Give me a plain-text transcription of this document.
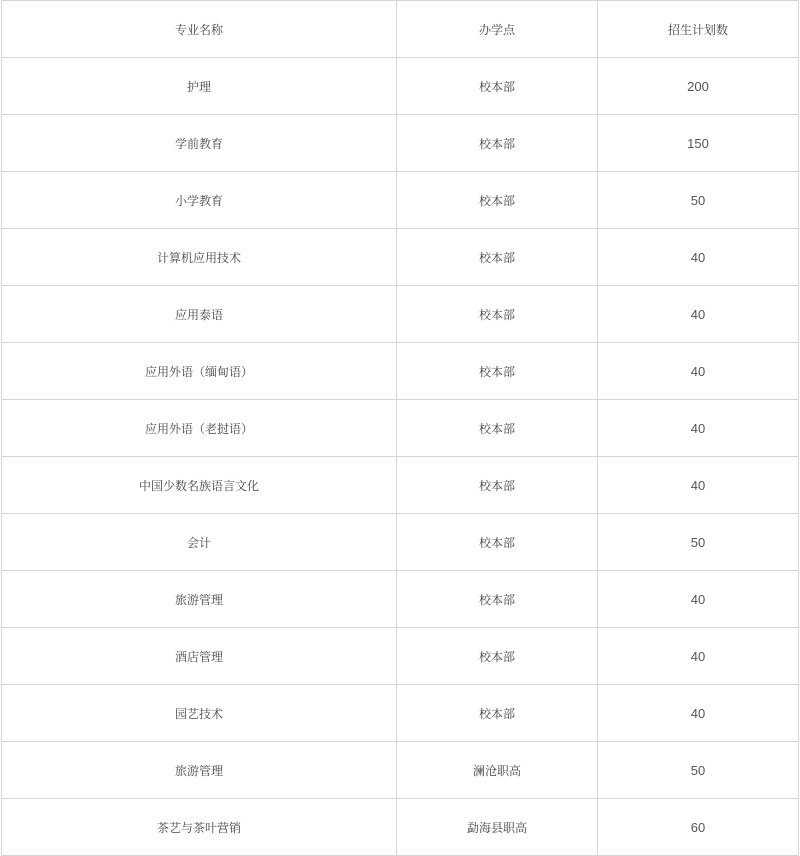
专业名称	办学点	招生计划数
护理	校本部	200
学前教育	校本部	150
小学教育	校本部	50
计算机应用技术	校本部	40
应用泰语	校本部	40
应用外语（缅甸语）	校本部	40
应用外语（老挝语）	校本部	40
中国少数名族语言文化	校本部	40
会计	校本部	50
旅游管理	校本部	40
酒店管理	校本部	40
园艺技术	校本部	40
旅游管理	澜沧职高	50
茶艺与茶叶营销	勐海县职高	60
